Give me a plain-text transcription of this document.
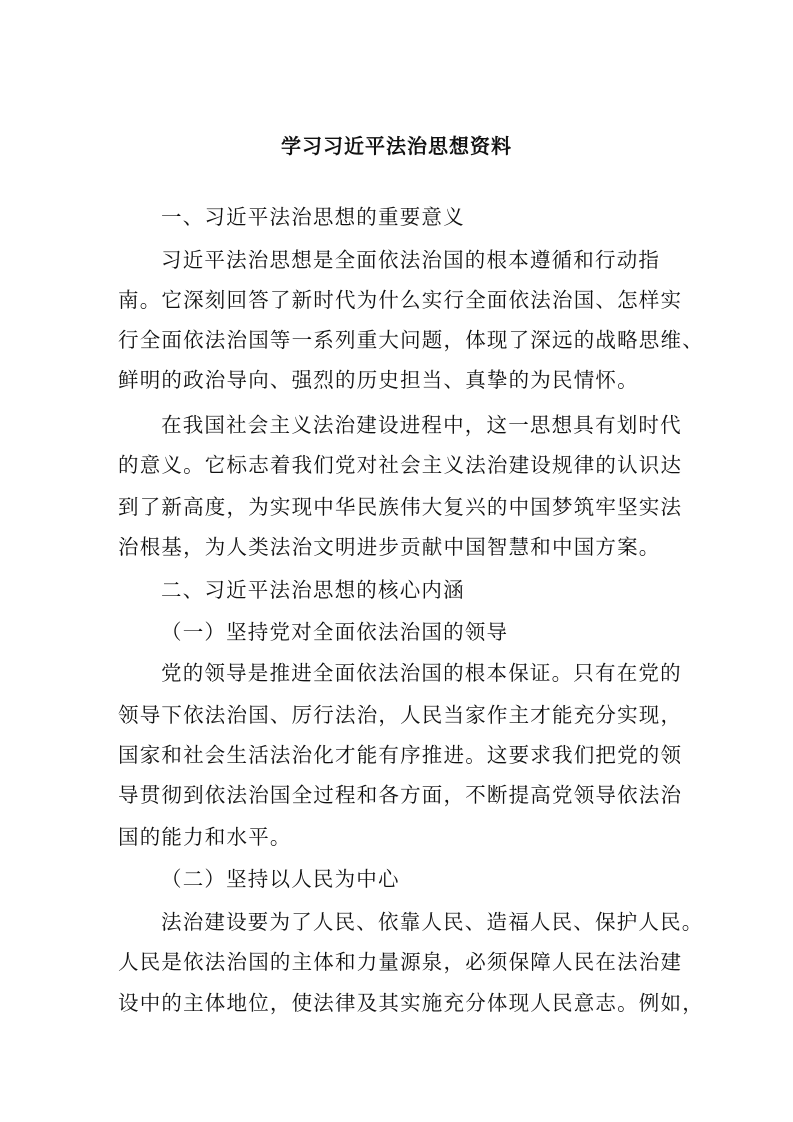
学习习近平法治思想资料
一、习近平法治思想的重要意义
习近平法治思想是全面依法治国的根本遵循和行动指
南。它深刻回答了新时代为什么实行全面依法治国、怎样实
行全面依法治国等一系列重大问题，体现了深远的战略思维、
鲜明的政治导向、强烈的历史担当、真挚的为民情怀。
在我国社会主义法治建设进程中，这一思想具有划时代
的意义。它标志着我们党对社会主义法治建设规律的认识达
到了新高度，为实现中华民族伟大复兴的中国梦筑牢坚实法
治根基，为人类法治文明进步贡献中国智慧和中国方案。
二、习近平法治思想的核心内涵
（一）坚持党对全面依法治国的领导
党的领导是推进全面依法治国的根本保证。只有在党的
领导下依法治国、厉行法治，人民当家作主才能充分实现，
国家和社会生活法治化才能有序推进。这要求我们把党的领
导贯彻到依法治国全过程和各方面，不断提高党领导依法治
国的能力和水平。
（二）坚持以人民为中心
法治建设要为了人民、依靠人民、造福人民、保护人民。
人民是依法治国的主体和力量源泉，必须保障人民在法治建
设中的主体地位，使法律及其实施充分体现人民意志。例如，
